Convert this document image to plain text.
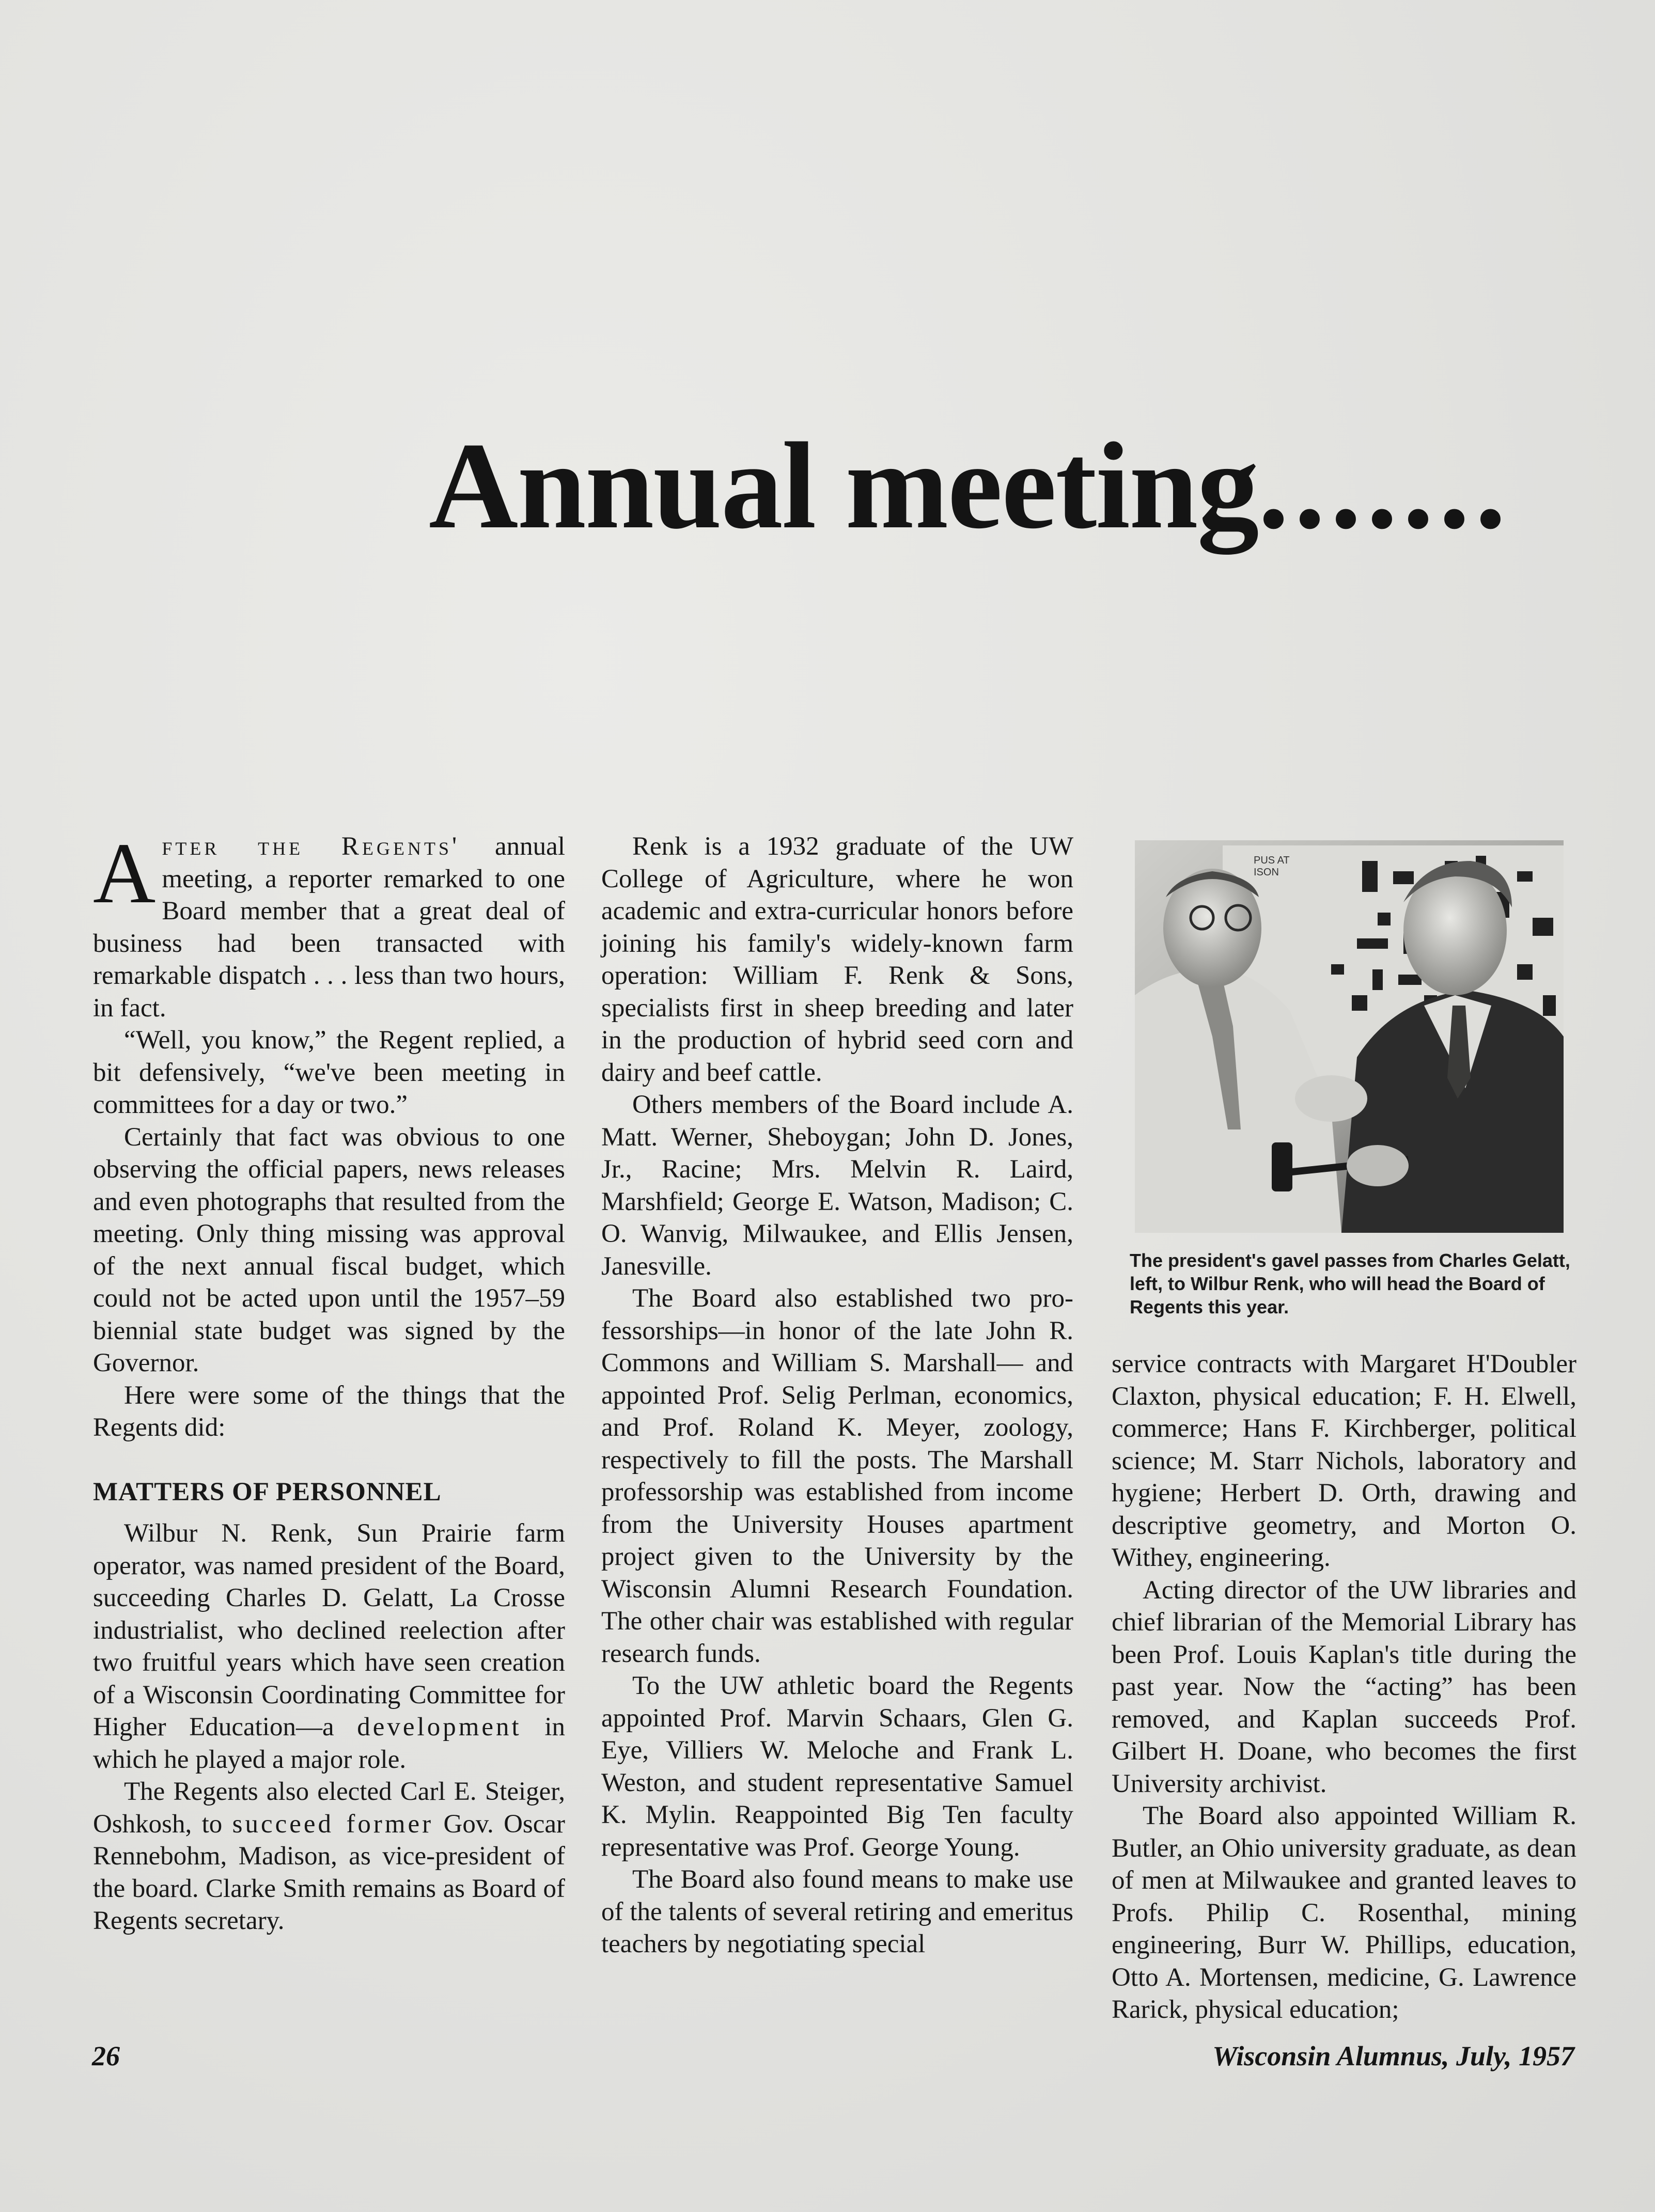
Annual meeting.......

After the Regents' annual meeting, a reporter remarked to one Board member that a great deal of business had been transacted with remarkable dispatch . . . less than two hours, in fact.

“Well, you know,” the Regent replied, a bit defensively, “we've been meeting in committees for a day or two.”

Certainly that fact was obvious to one observing the official papers, news releases and even photographs that resulted from the meeting. Only thing missing was approval of the next annual fiscal budget, which could not be acted upon until the 1957–59 biennial state budget was signed by the Governor.

Here were some of the things that the Regents did:

MATTERS OF PERSONNEL

Wilbur N. Renk, Sun Prairie farm operator, was named president of the Board, succeeding Charles D. Gelatt, La Crosse industrialist, who declined reelection after two fruitful years which have seen creation of a Wisconsin Coordinating Committee for Higher Education—a development in which he played a major role.

The Regents also elected Carl E. Steiger, Oshkosh, to succeed former Gov. Oscar Rennebohm, Madison, as vice-president of the board. Clarke Smith remains as Board of Regents secretary.

Renk is a 1932 graduate of the UW College of Agriculture, where he won academic and extra-curricular honors before joining his family's widely-known farm operation: William F. Renk & Sons, specialists first in sheep breeding and later in the production of hybrid seed corn and dairy and beef cattle.

Others members of the Board include A. Matt. Werner, Sheboygan; John D. Jones, Jr., Racine; Mrs. Melvin R. Laird, Marshfield; George E. Watson, Madison; C. O. Wanvig, Milwaukee, and Ellis Jensen, Janesville.

The Board also established two professorships—in honor of the late John R. Commons and William S. Marshall— and appointed Prof. Selig Perlman, economics, and Prof. Roland K. Meyer, zoology, respectively to fill the posts. The Marshall professorship was established from income from the University Houses apartment project given to the University by the Wisconsin Alumni Research Foundation. The other chair was established with regular research funds.

To the UW athletic board the Regents appointed Prof. Marvin Schaars, Glen G. Eye, Villiers W. Meloche and Frank L. Weston, and student representative Samuel K. Mylin. Reappointed Big Ten faculty representative was Prof. George Young.

The Board also found means to make use of the talents of several retiring and emeritus teachers by negotiating special

PUS AT
ISON
The president's gavel passes from Charles Gelatt, left, to Wilbur Renk, who will head the Board of Regents this year.

service contracts with Margaret H'Doubler Claxton, physical education; F. H. Elwell, commerce; Hans F. Kirchberger, political science; M. Starr Nichols, laboratory and hygiene; Herbert D. Orth, drawing and descriptive geometry, and Morton O. Withey, engineering.

Acting director of the UW libraries and chief librarian of the Memorial Library has been Prof. Louis Kaplan's title during the past year. Now the “acting” has been removed, and Kaplan succeeds Prof. Gilbert H. Doane, who becomes the first University archivist.

The Board also appointed William R. Butler, an Ohio university graduate, as dean of men at Milwaukee and granted leaves to Profs. Philip C. Rosenthal, mining engineering, Burr W. Phillips, education, Otto A. Mortensen, medicine, G. Lawrence Rarick, physical education;

26	Wisconsin Alumnus, July, 1957
